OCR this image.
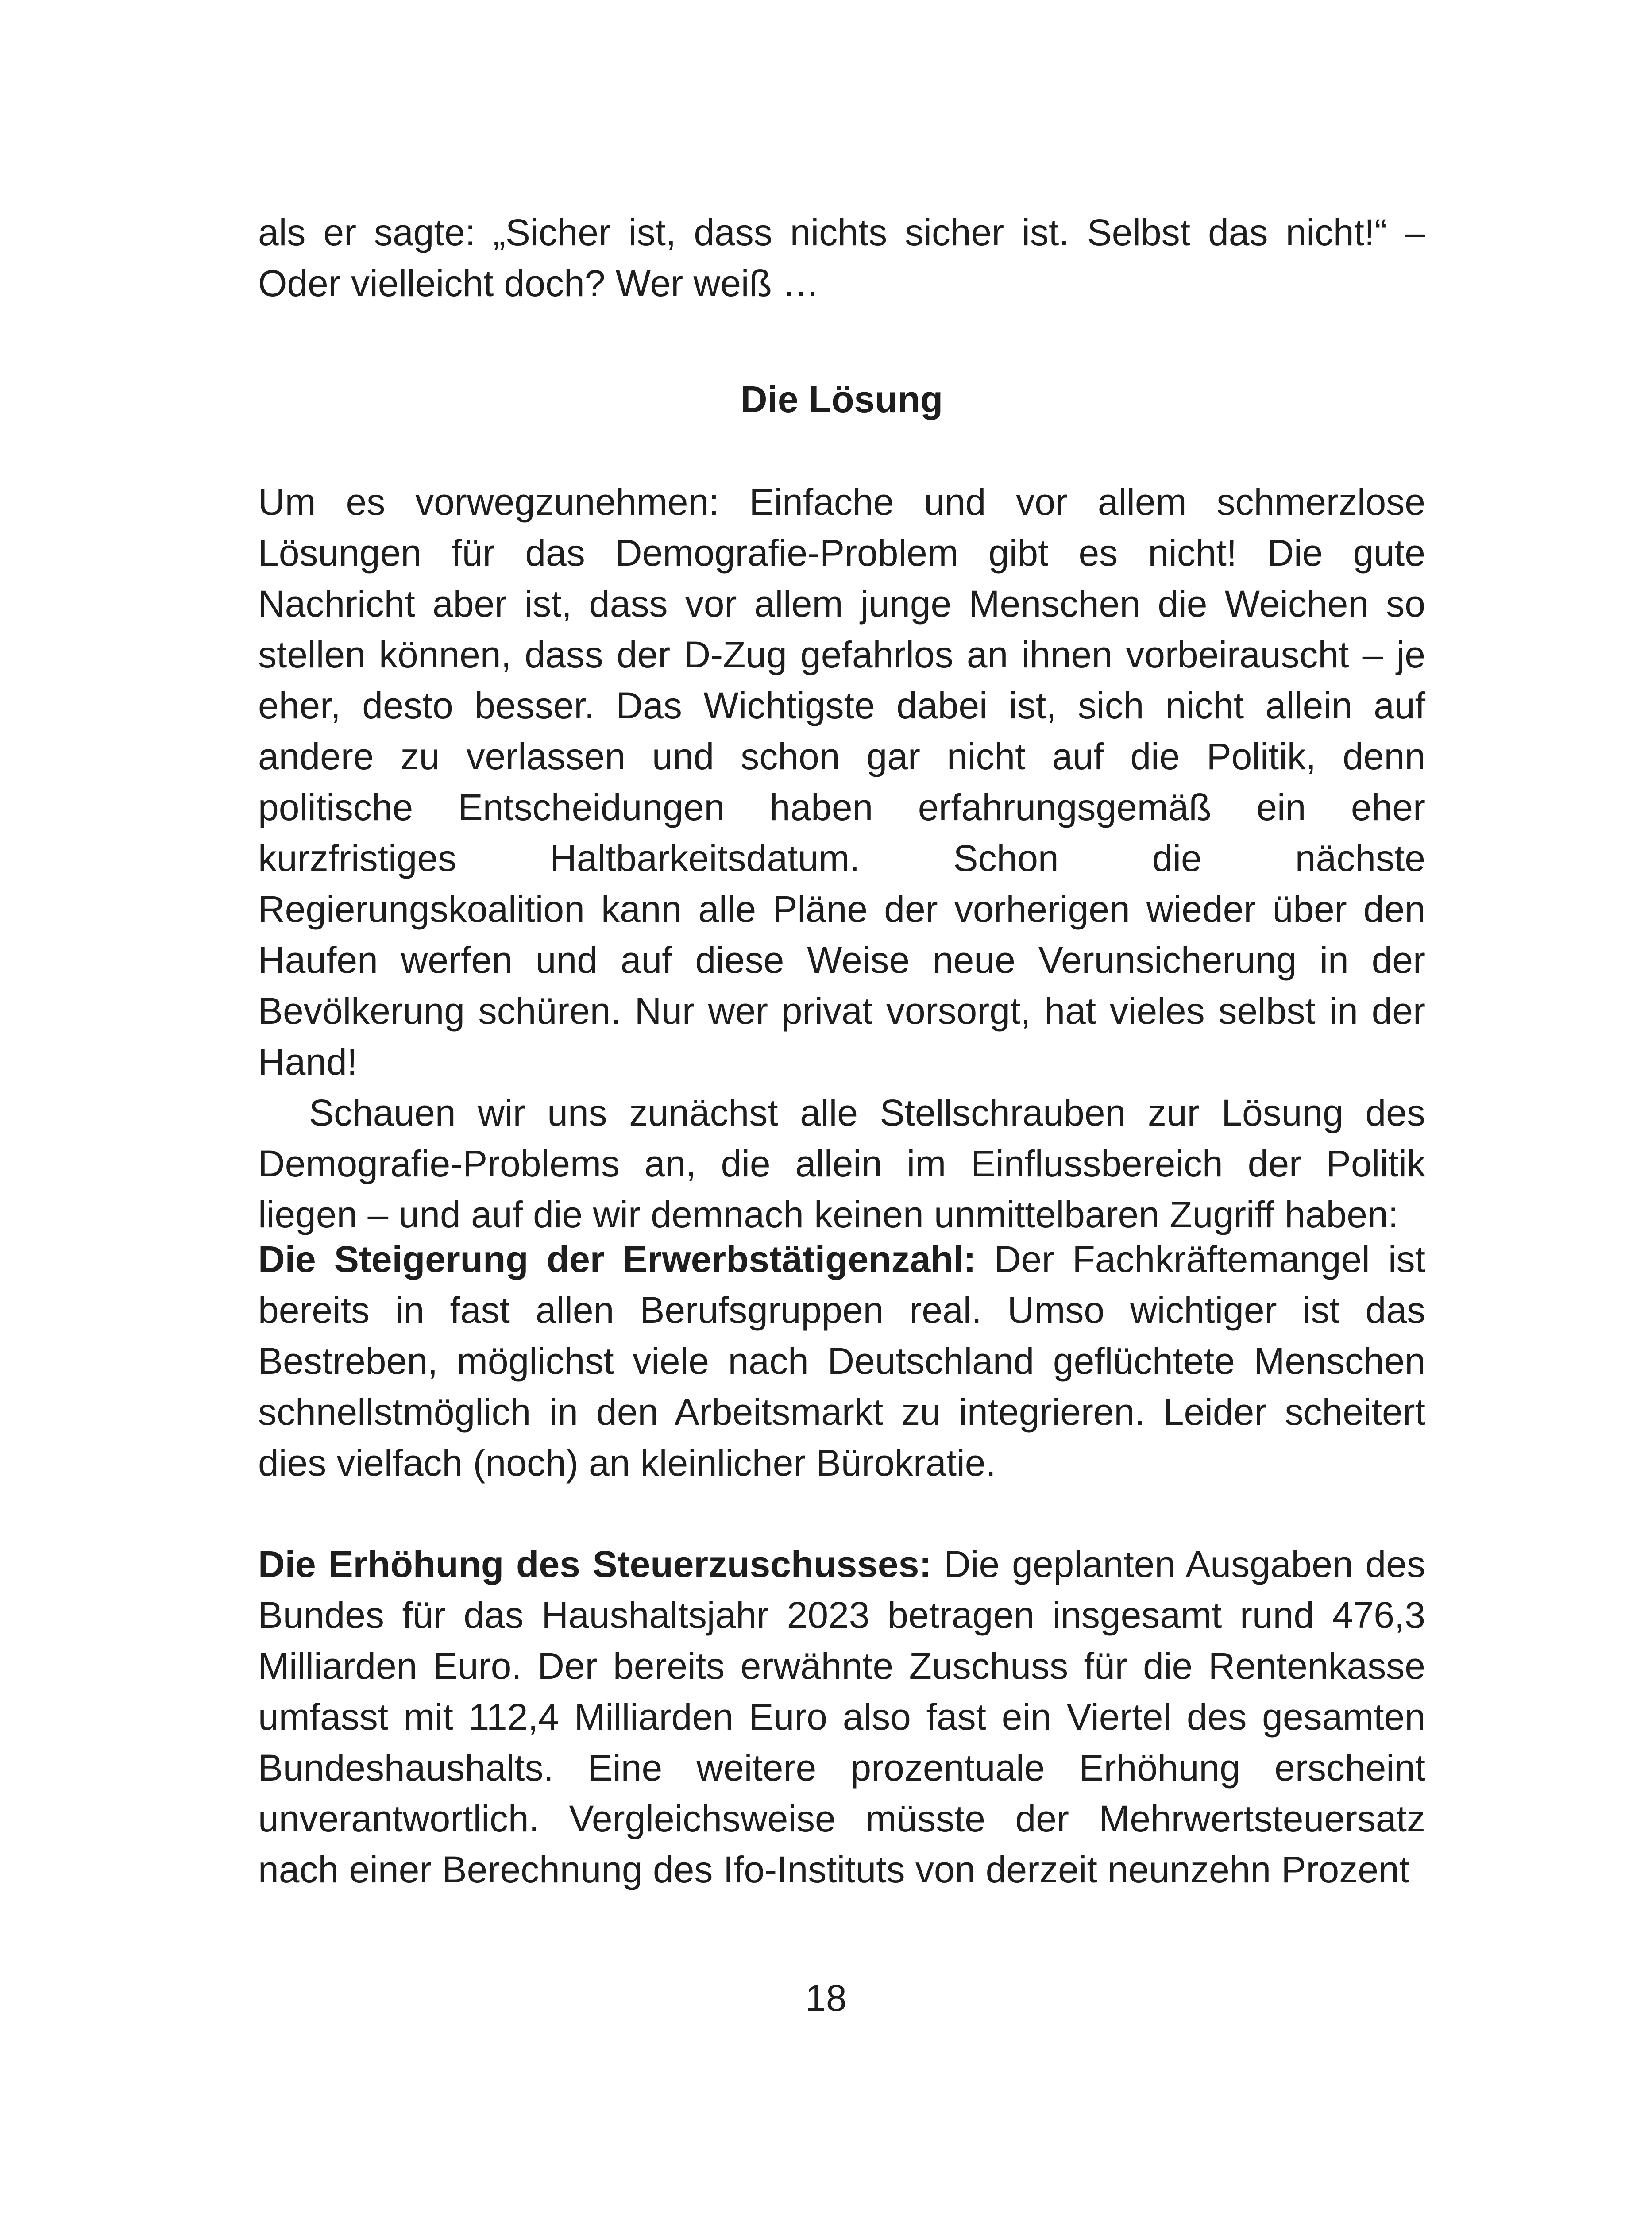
als er sagte: „Sicher ist, dass nichts sicher ist. Selbst das nicht!“ – Oder vielleicht doch? Wer weiß …

Die Lösung

Um es vorwegzunehmen: Einfache und vor allem schmerzlose Lösungen für das Demografie-Problem gibt es nicht! Die gute Nachricht aber ist, dass vor allem junge Menschen die Weichen so stellen können, dass der D-Zug gefahrlos an ihnen vorbeirauscht – je eher, desto besser. Das Wichtigste dabei ist, sich nicht allein auf andere zu verlassen und schon gar nicht auf die Politik, denn politische Entscheidungen haben erfahrungsgemäß ein eher kurzfristiges Haltbarkeitsdatum. Schon die nächste Regierungskoalition kann alle Pläne der vorherigen wieder über den Haufen werfen und auf diese Weise neue Verunsicherung in der Bevölkerung schüren. Nur wer privat vorsorgt, hat vieles selbst in der Hand!

Schauen wir uns zunächst alle Stellschrauben zur Lösung des Demografie-Problems an, die allein im Einflussbereich der Politik liegen – und auf die wir demnach keinen unmittelbaren Zugriff haben:

Die Steigerung der Erwerbstätigenzahl: Der Fachkräftemangel ist bereits in fast allen Berufsgruppen real. Umso wichtiger ist das Bestreben, möglichst viele nach Deutschland geflüchtete Menschen schnellstmöglich in den Arbeitsmarkt zu integrieren. Leider scheitert dies vielfach (noch) an kleinlicher Bürokratie.

Die Erhöhung des Steuerzuschusses: Die geplanten Ausgaben des Bundes für das Haushaltsjahr 2023 betragen insgesamt rund 476,3 Milliarden Euro. Der bereits erwähnte Zuschuss für die Rentenkasse umfasst mit 112,4 Milliarden Euro also fast ein Viertel des gesamten Bundeshaushalts. Eine weitere prozentuale Erhöhung erscheint unverantwortlich. Vergleichsweise müsste der Mehrwertsteuersatz nach einer Berechnung des Ifo-Instituts von derzeit neunzehn Prozent

18
